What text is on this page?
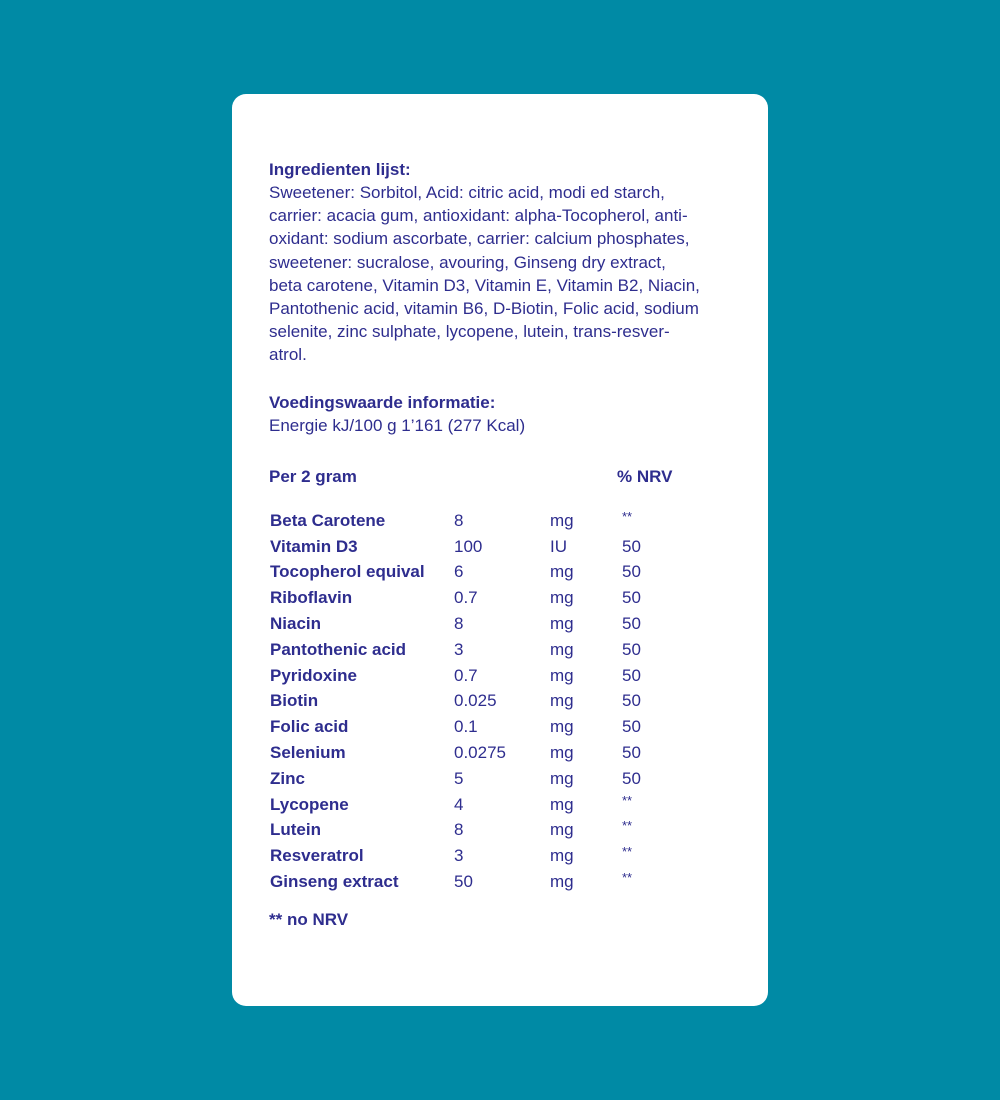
Ingredienten lijst:

Sweetener: Sorbitol, Acid: citric acid, modi ed starch,
carrier: acacia gum, antioxidant: alpha-Tocopherol, anti-
oxidant: sodium ascorbate, carrier: calcium phosphates,
sweetener: sucralose, avouring, Ginseng dry extract,
beta carotene, Vitamin D3, Vitamin E, Vitamin B2, Niacin,
Pantothenic acid, vitamin B6, D-Biotin, Folic acid, sodium
selenite, zinc sulphate, lycopene, lutein, trans-resver-
atrol.

Voedingswaarde informatie:

Energie kJ/100 g 1’161 (277 Kcal)

Per 2 gram	% NRV
Beta Carotene	8	mg	**
Vitamin D3	100	IU	50
Tocopherol equival 6	mg	50
Riboflavin	0.7	mg	50
Niacin	8	mg	50
Pantothenic acid	3	mg	50
Pyridoxine	0.7	mg	50
Biotin	0.025	mg	50
Folic acid	0.1	mg	50
Selenium	0.0275	mg	50
Zinc	5	mg	50
Lycopene	4	mg	**
Lutein	8	mg	**
Resveratrol	3	mg	**
Ginseng extract	50	mg	**

** no NRV
